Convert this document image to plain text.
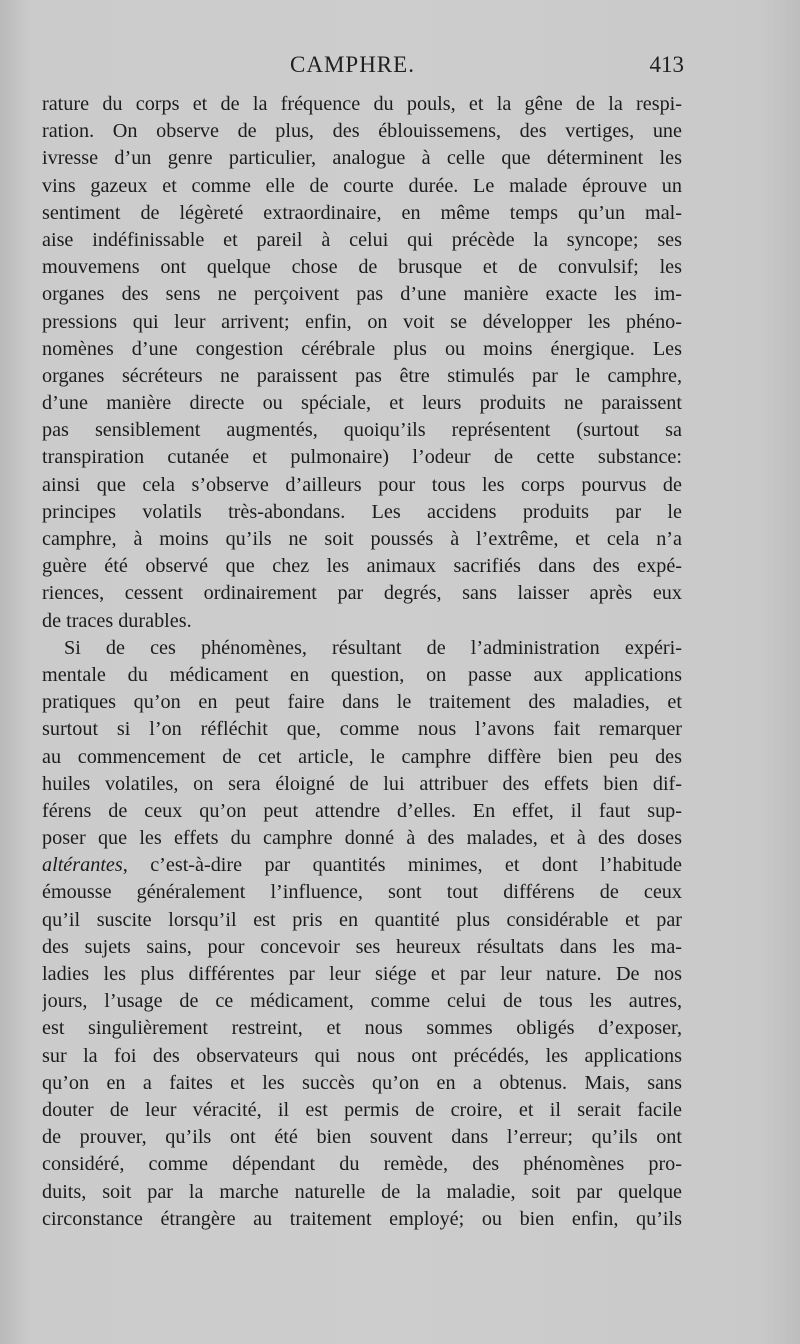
CAMPHRE.	413
rature du corps et de la fréquence du pouls, et la gêne de la respi-
ration. On observe de plus, des éblouissemens, des vertiges, une
ivresse d’un genre particulier, analogue à celle que déterminent les
vins gazeux et comme elle de courte durée. Le malade éprouve un
sentiment de légèreté extraordinaire, en même temps qu’un mal-
aise indéfinissable et pareil à celui qui précède la syncope; ses
mouvemens ont quelque chose de brusque et de convulsif; les
organes des sens ne perçoivent pas d’une manière exacte les im-
pressions qui leur arrivent; enfin, on voit se développer les phéno-
nomènes d’une congestion cérébrale plus ou moins énergique. Les
organes sécréteurs ne paraissent pas être stimulés par le camphre,
d’une manière directe ou spéciale, et leurs produits ne paraissent
pas sensiblement augmentés, quoiqu’ils représentent (surtout sa
transpiration cutanée et pulmonaire) l’odeur de cette substance:
ainsi que cela s’observe d’ailleurs pour tous les corps pourvus de
principes volatils très-abondans. Les accidens produits par le
camphre, à moins qu’ils ne soit poussés à l’extrême, et cela n’a
guère été observé que chez les animaux sacrifiés dans des expé-
riences, cessent ordinairement par degrés, sans laisser après eux
de traces durables.
Si de ces phénomènes, résultant de l’administration expéri-
mentale du médicament en question, on passe aux applications
pratiques qu’on en peut faire dans le traitement des maladies, et
surtout si l’on réfléchit que, comme nous l’avons fait remarquer
au commencement de cet article, le camphre diffère bien peu des
huiles volatiles, on sera éloigné de lui attribuer des effets bien dif-
férens de ceux qu’on peut attendre d’elles. En effet, il faut sup-
poser que les effets du camphre donné à des malades, et à des doses
altérantes, c’est-à-dire par quantités minimes, et dont l’habitude
émousse généralement l’influence, sont tout différens de ceux
qu’il suscite lorsqu’il est pris en quantité plus considérable et par
des sujets sains, pour concevoir ses heureux résultats dans les ma-
ladies les plus différentes par leur siége et par leur nature. De nos
jours, l’usage de ce médicament, comme celui de tous les autres,
est singulièrement restreint, et nous sommes obligés d’exposer,
sur la foi des observateurs qui nous ont précédés, les applications
qu’on en a faites et les succès qu’on en a obtenus. Mais, sans
douter de leur véracité, il est permis de croire, et il serait facile
de prouver, qu’ils ont été bien souvent dans l’erreur; qu’ils ont
considéré, comme dépendant du remède, des phénomènes pro-
duits, soit par la marche naturelle de la maladie, soit par quelque
circonstance étrangère au traitement employé; ou bien enfin, qu’ils
